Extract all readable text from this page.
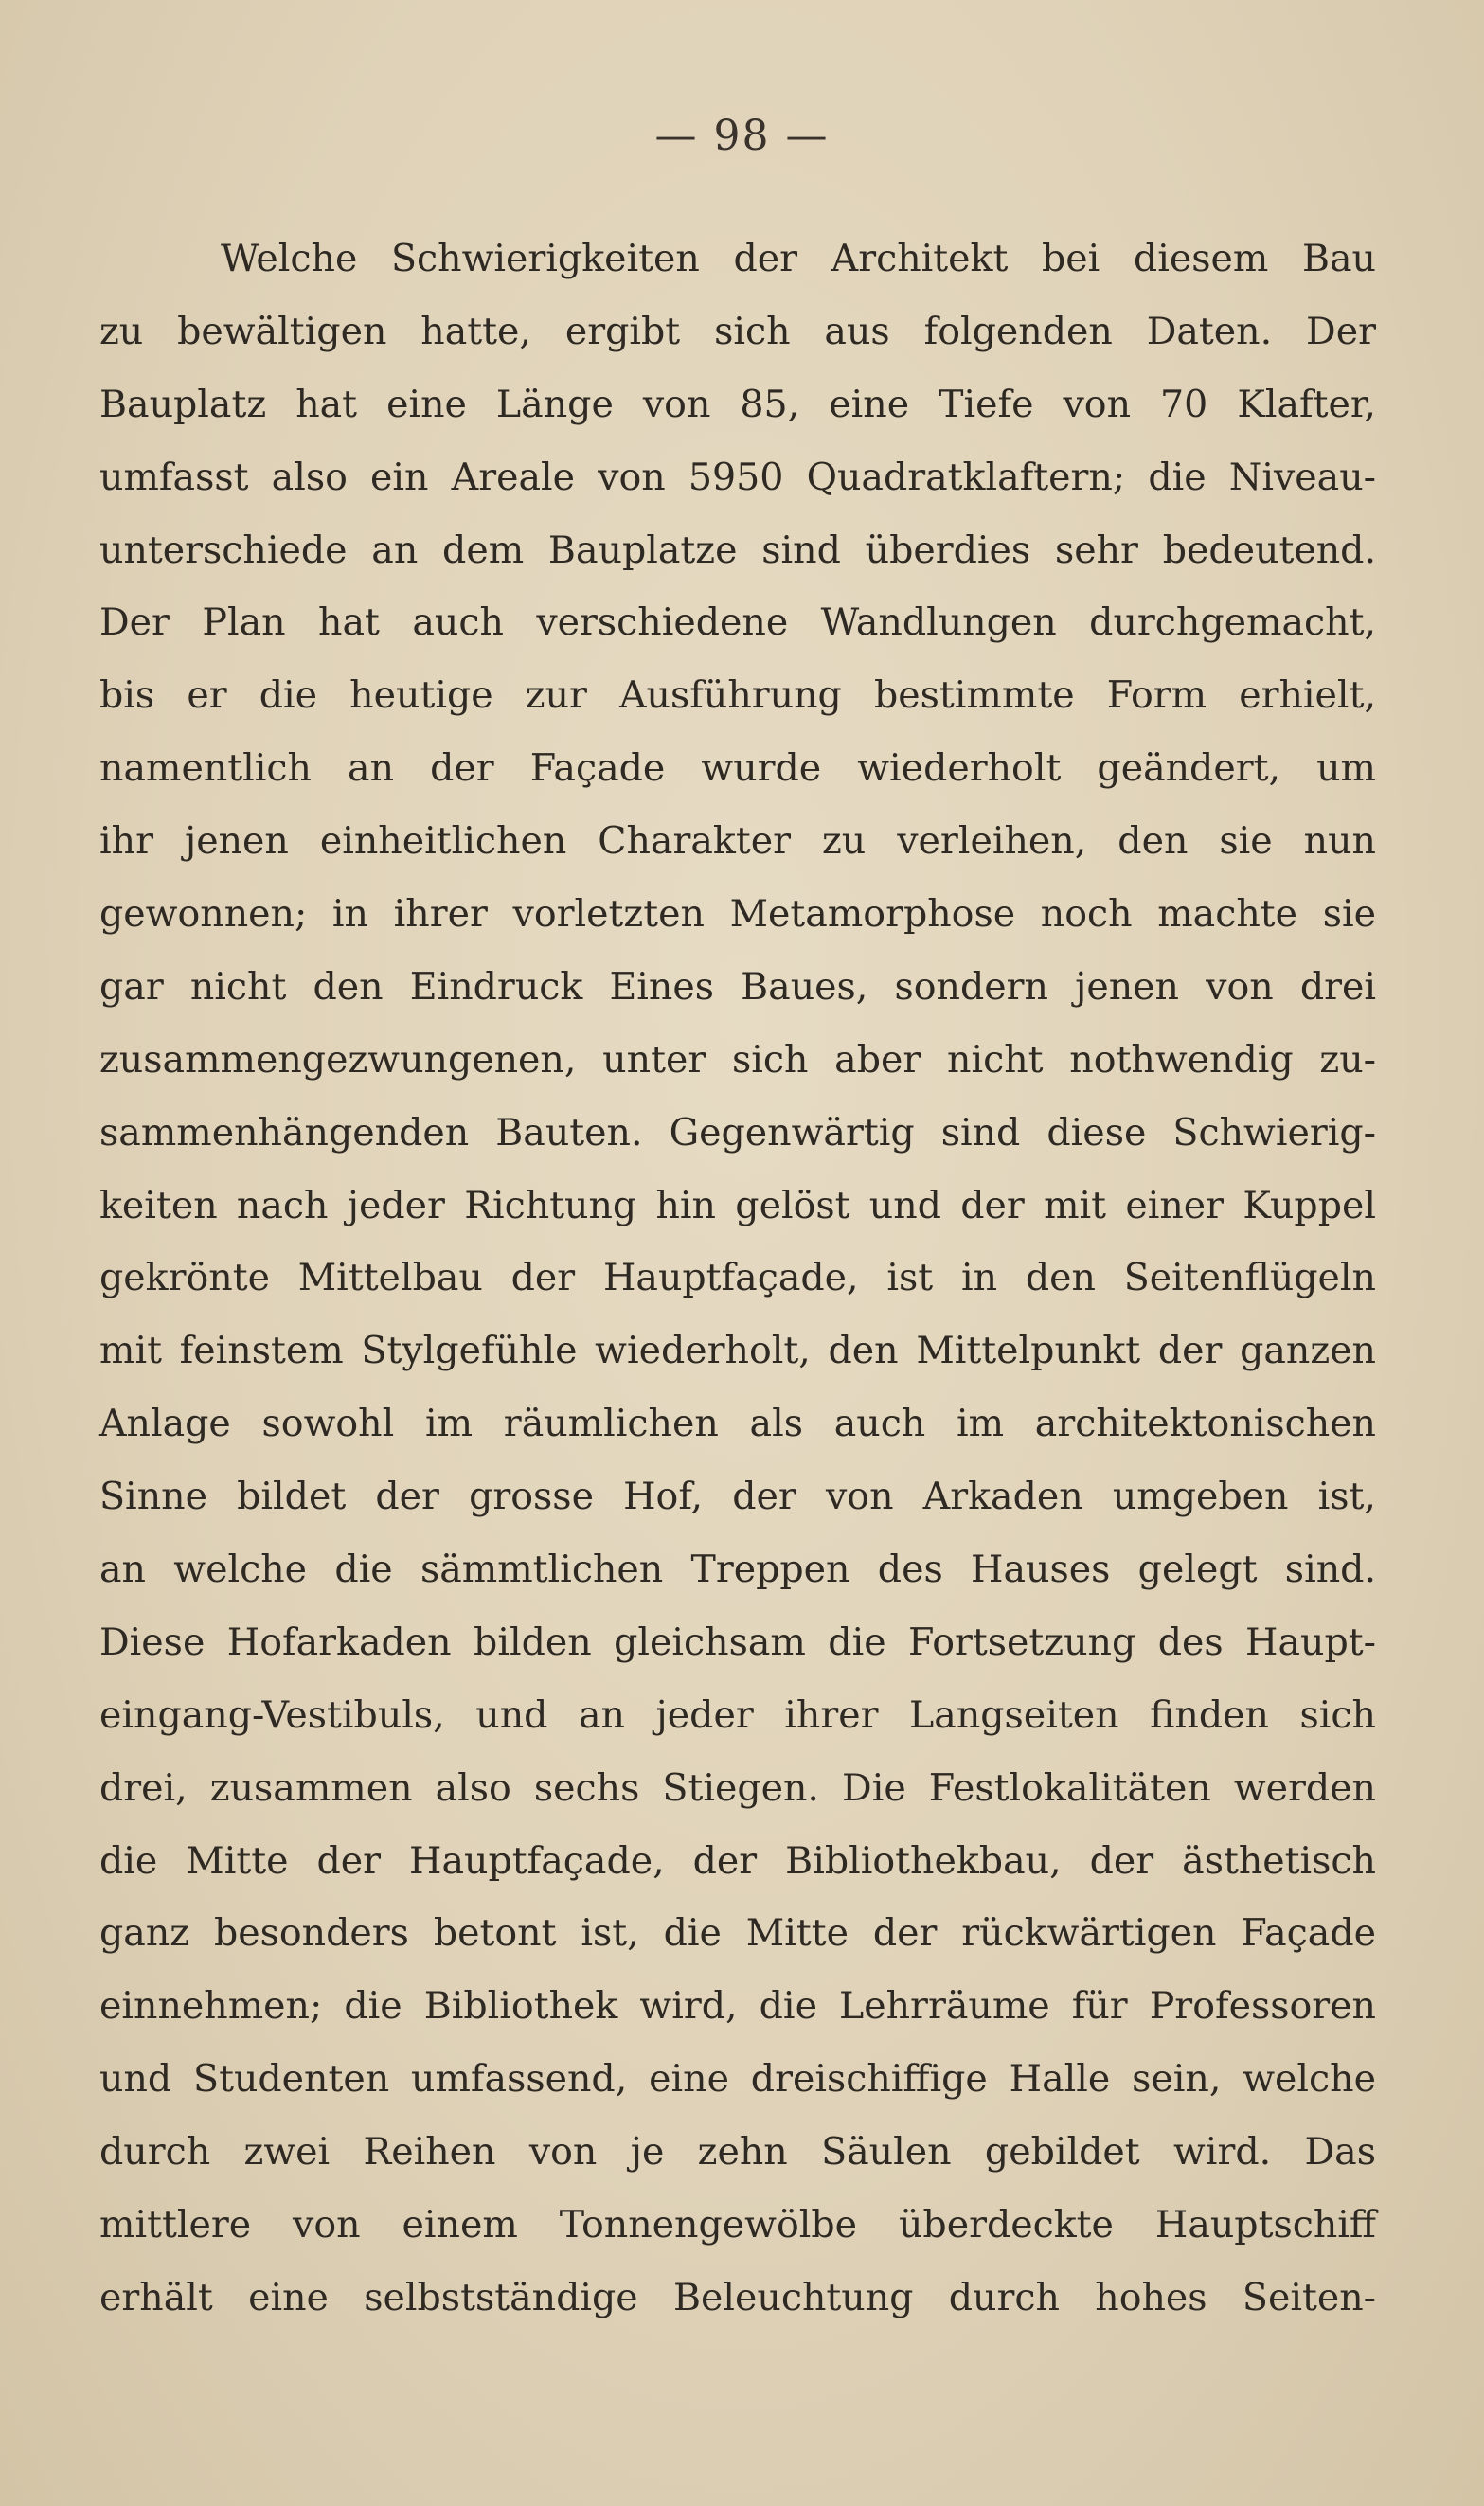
— 98 —
Welche Schwierigkeiten der Architekt bei diesem Bau
zu bewältigen hatte, ergibt sich aus folgenden Daten. Der
Bauplatz hat eine Länge von 85, eine Tiefe von 70 Klafter,
umfasst also ein Areale von 5950 Quadratklaftern; die Niveau-
unterschiede an dem Bauplatze sind überdies sehr bedeutend.
Der Plan hat auch verschiedene Wandlungen durchgemacht,
bis er die heutige zur Ausführung bestimmte Form erhielt,
namentlich an der Façade wurde wiederholt geändert, um
ihr jenen einheitlichen Charakter zu verleihen, den sie nun
gewonnen; in ihrer vorletzten Metamorphose noch machte sie
gar nicht den Eindruck Eines Baues, sondern jenen von drei
zusammengezwungenen, unter sich aber nicht nothwendig zu-
sammenhängenden Bauten. Gegenwärtig sind diese Schwierig-
keiten nach jeder Richtung hin gelöst und der mit einer Kuppel
gekrönte Mittelbau der Hauptfaçade, ist in den Seitenflügeln
mit feinstem Stylgefühle wiederholt, den Mittelpunkt der ganzen
Anlage sowohl im räumlichen als auch im architektonischen
Sinne bildet der grosse Hof, der von Arkaden umgeben ist,
an welche die sämmtlichen Treppen des Hauses gelegt sind.
Diese Hofarkaden bilden gleichsam die Fortsetzung des Haupt-
eingang-Vestibuls, und an jeder ihrer Langseiten finden sich
drei, zusammen also sechs Stiegen. Die Festlokalitäten werden
die Mitte der Hauptfaçade, der Bibliothekbau, der ästhetisch
ganz besonders betont ist, die Mitte der rückwärtigen Façade
einnehmen; die Bibliothek wird, die Lehrräume für Professoren
und Studenten umfassend, eine dreischiffige Halle sein, welche
durch zwei Reihen von je zehn Säulen gebildet wird. Das
mittlere von einem Tonnengewölbe überdeckte Hauptschiff
erhält eine selbstständige Beleuchtung durch hohes Seiten-
